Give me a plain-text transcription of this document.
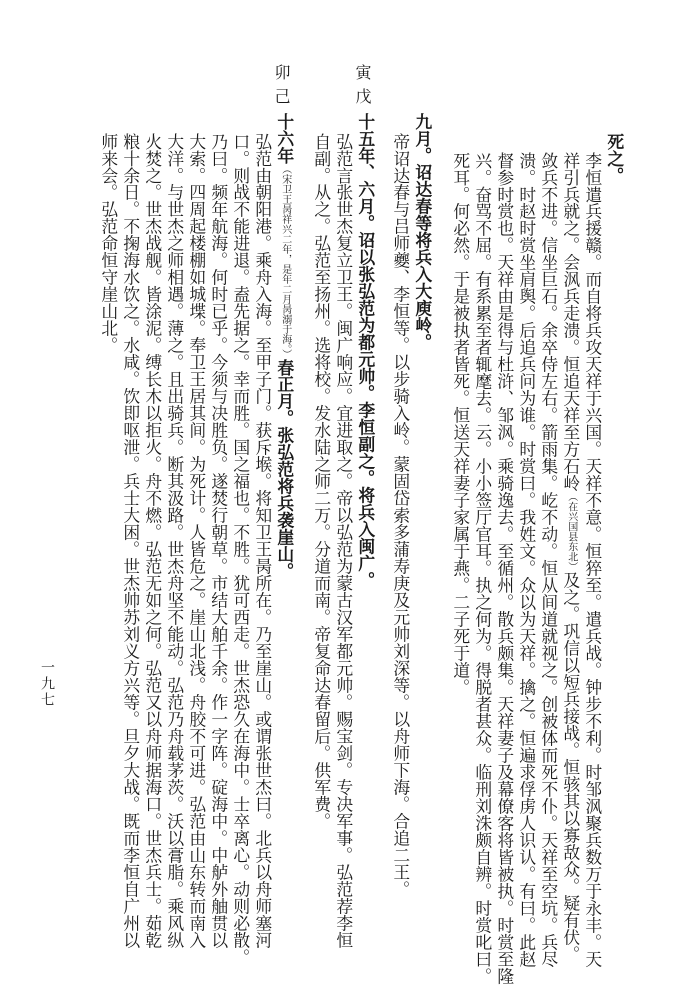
死之。
李恒遣兵援赣。而自将兵攻天祥于兴国。天祥不意。恒猝至。遣兵战。钟步不利。时邹沨聚兵数万于永丰。天
祥引兵就之。会沨兵走溃。恒追天祥至方石岭（在兴国县东北）及之。巩信以短兵接战。恒骇其以寡敌众。疑有伏。
敛兵不进。信坐巨石。余卒侍左右。箭雨集。屹不动。恒从间道就视之。创被体而死不仆。天祥至空坑。兵尽
溃。时赵时赏坐肩舆。后追兵问为谁。时赏曰。我姓文。众以为天祥。擒之。恒遍求俘虏人识认。有曰。此赵
督参时赏也。天祥由是得与杜浒、邹沨。乘骑逸去。至循州。散兵颇集。天祥妻子及幕僚客将皆被执。时赏至隆
兴。奋骂不屈。有系累至者辄麾去。云。小小签厅官耳。执之何为。得脱者甚众。临刑刘洙颇自辨。时赏叱曰。
死耳。何必然。于是被执者皆死。恒送天祥妻子家属于燕。二子死于道。
九月。诏达春等将兵入大庾岭。
帝诏达春与吕师夔、李恒等。以步骑入岭。蒙固岱索多蒲寿庚及元帅刘深等。以舟师下海。合追二王。
十五年、六月。诏以张弘范为都元帅。李恒副之。将兵入闽广。
弘范言张世杰复立卫王。闽广响应。宜进取之。帝以弘范为蒙古汉军都元帅。赐宝剑。专决军事。弘范荐李恒
自副。从之。弘范至扬州。选将校。发水陆之师二万。分道而南。帝复命达春留后。供军费。
十六年（宋卫王昺祥兴二年，是年二月昺溺于海。）春正月。张弘范将兵袭崖山。
弘范由朝阳港。乘舟入海。至甲子门。获斥堠。将知卫王昺所在。乃至崖山。或谓张世杰曰。北兵以舟师塞河
口。则战不能进退。盍先据之。幸而胜。国之福也。不胜。犹可西走。世杰恐久在海中。士卒离心。动则必散。
乃曰。频年航海。何时已乎。今须与决胜负。遂焚行朝草。市结大舶千余。作一字阵。碇海中。中舻外舳贯以
大索。四周起楼棚如城堞。奉卫王居其间。为死计。人皆危之。崖山北浅。舟胶不可进。弘范由山东转而南入
大洋。与世杰之师相遇。薄之。且出骑兵。断其汲路。世杰舟坚不能动。弘范乃舟载茅茨。沃以膏脂。乘风纵
火焚之。世杰战舰。皆涂泥。缚长木以拒火。舟不燃。弘范无如之何。弘范又以舟师据海口。世杰兵士。茹乾
粮十余日。不掬海水饮之。水咸。饮即呕泄。兵士大困。世杰帅苏刘义方兴等。旦夕大战。既而李恒自广州以
师来会。弘范命恒守崖山北。
寅戊
卯己
一九七
